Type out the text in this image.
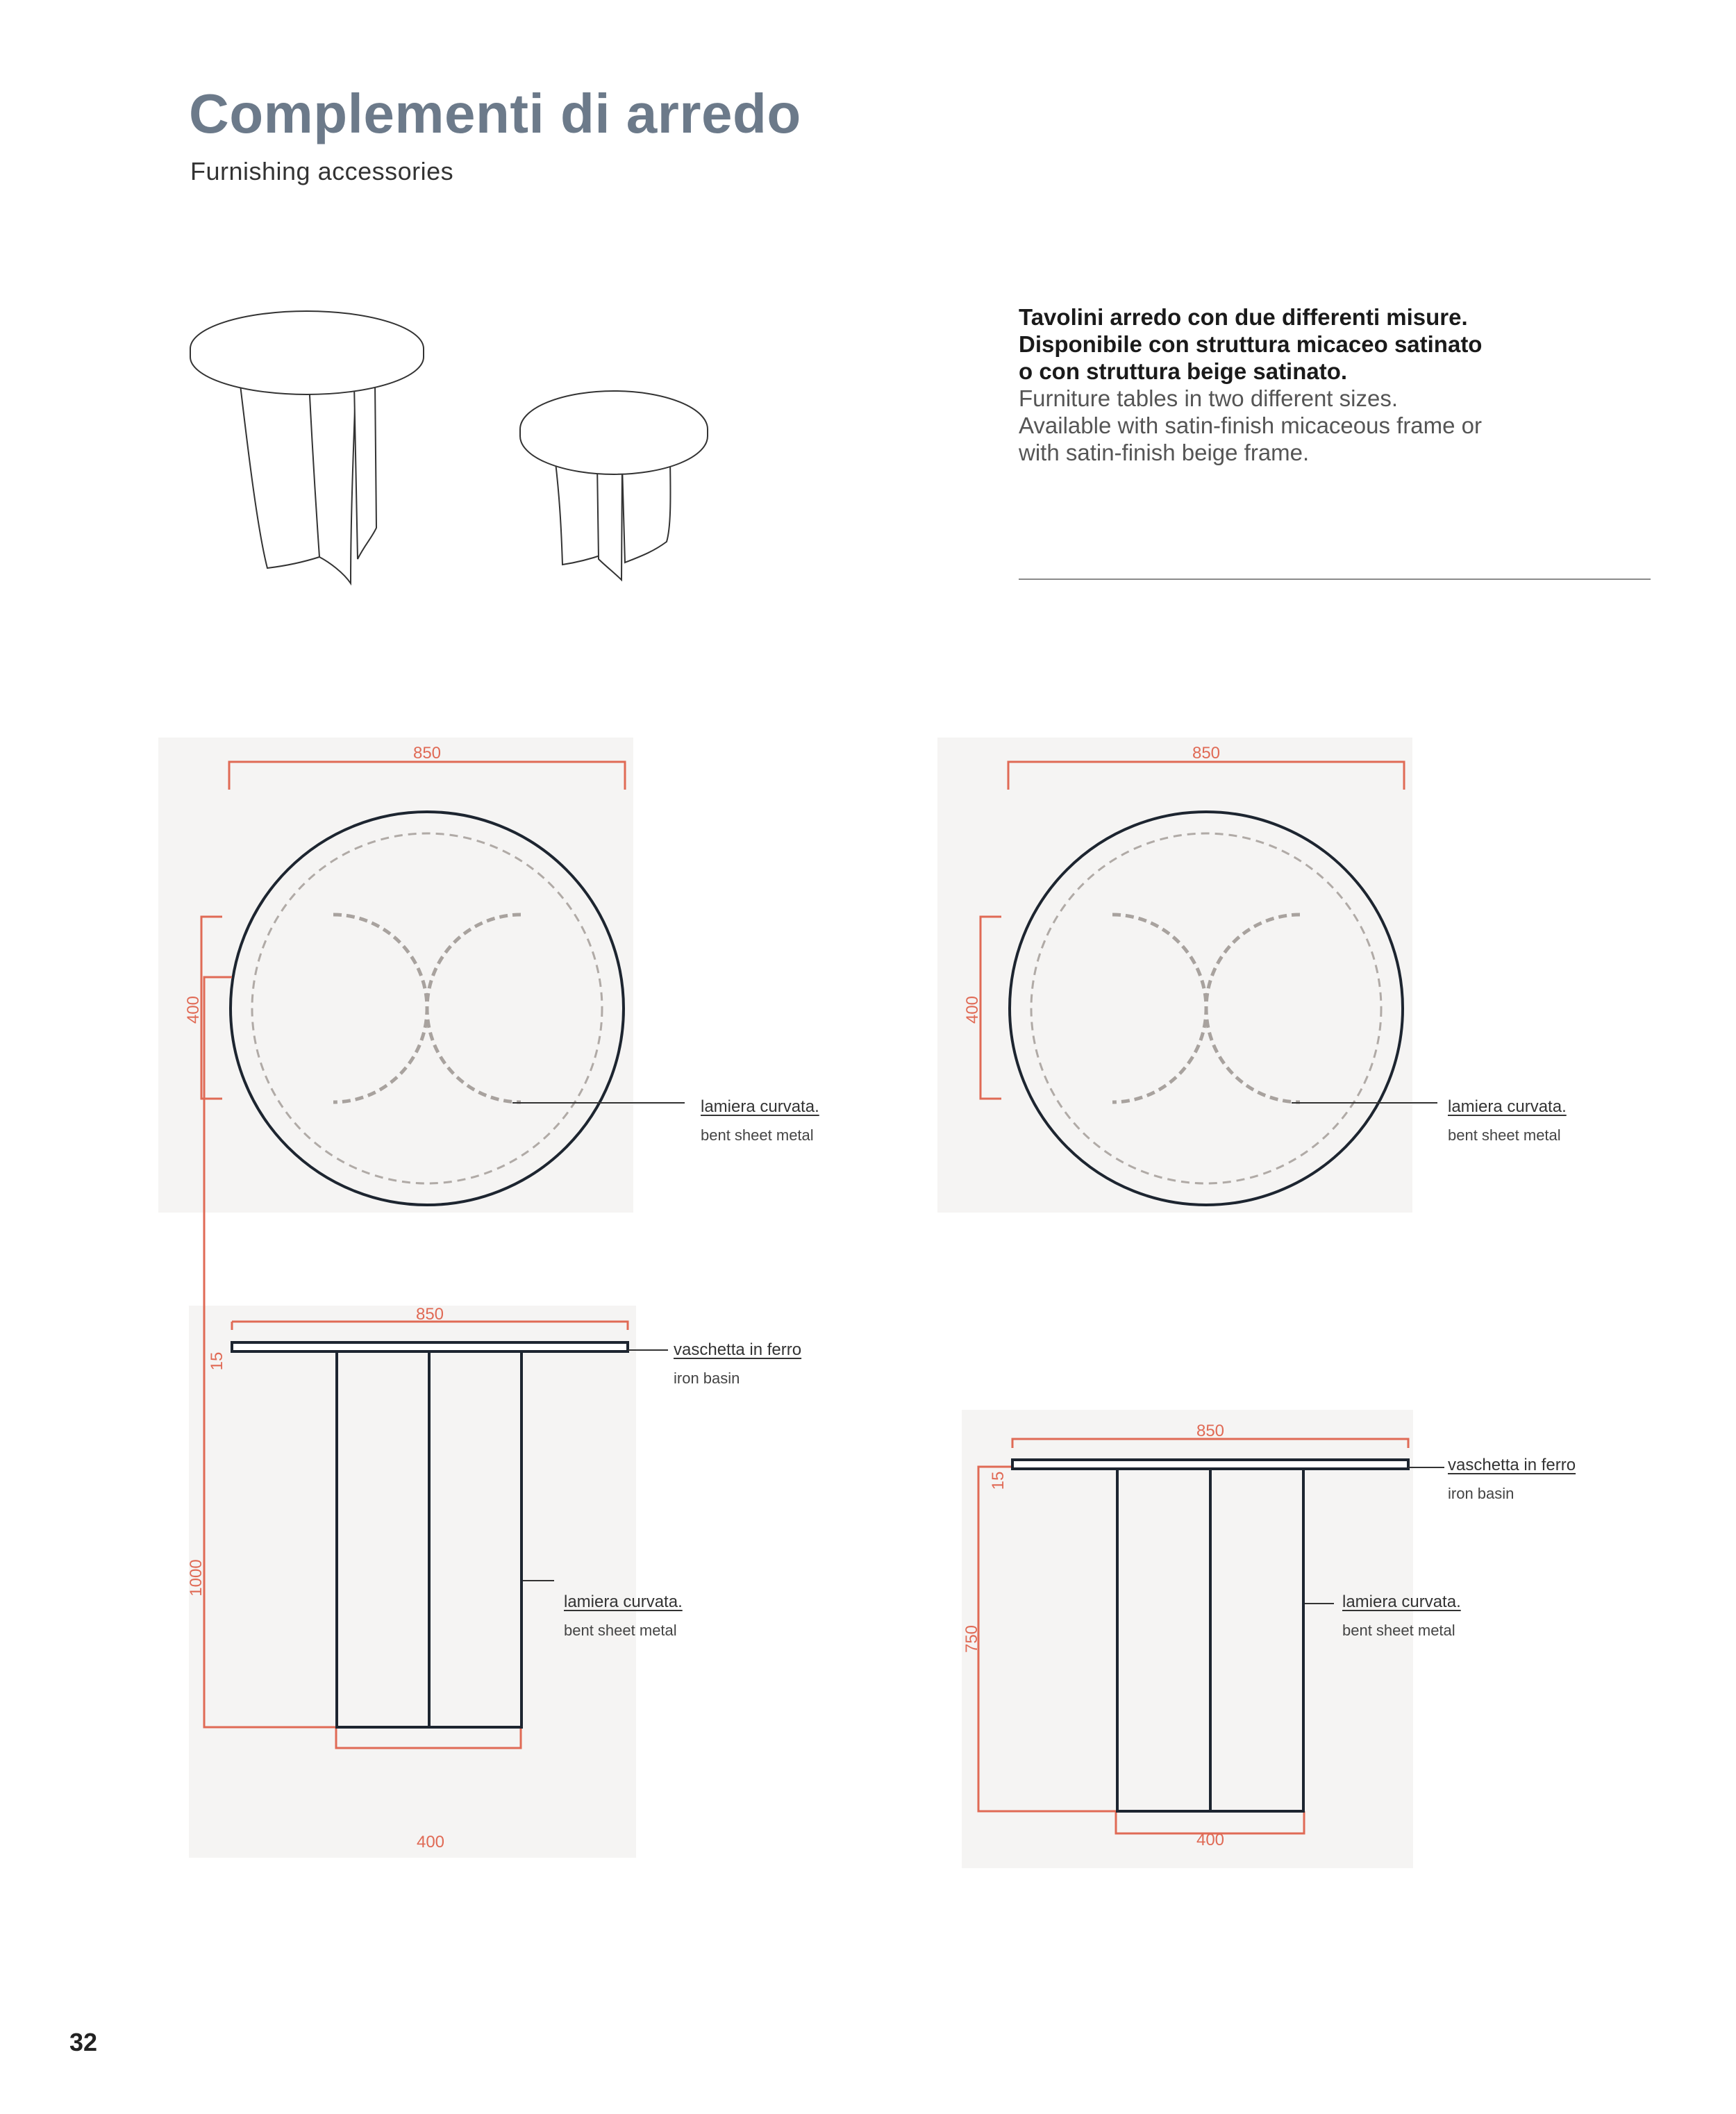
Complementi di arredo
Furnishing accessories
Tavolini arredo con due differenti misure.
Disponibile con struttura micaceo satinato
o con struttura beige satinato.
Furniture tables in two different sizes.
Available with satin-finish micaceous frame or
with satin-finish beige frame.
850
400
lamiera curvata.
bent sheet metal
850
400
lamiera curvata.
bent sheet metal
850
15
1000
400
vaschetta in ferro
iron basin
lamiera curvata.
bent sheet metal
850
15
750
400
vaschetta in ferro
iron basin
lamiera curvata.
bent sheet metal
32
